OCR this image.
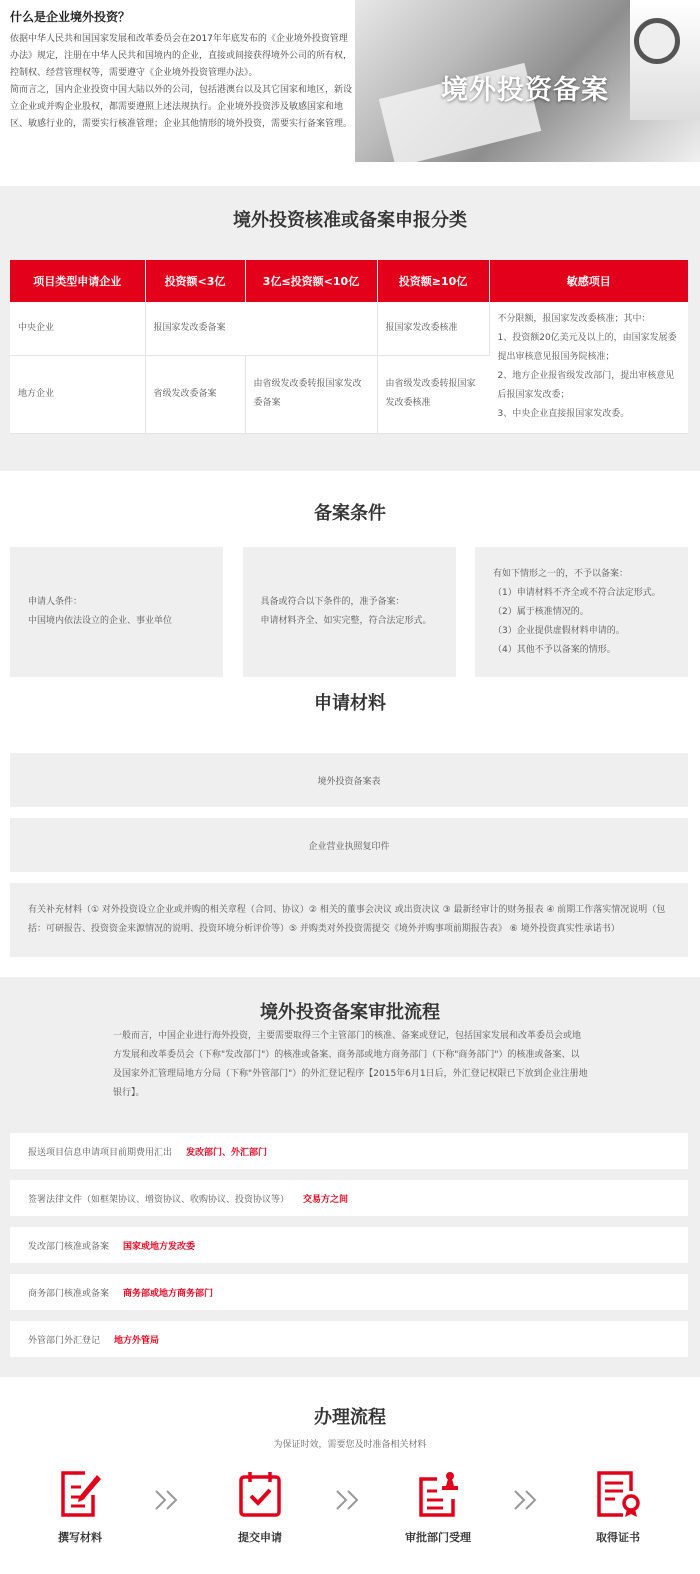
什么是企业境外投资？

依据中华人民共和国国家发展和改革委员会在2017年年底发布的《企业境外投资管理办法》规定，注册在中华人民共和国境内的企业，直接或间接获得境外公司的所有权，控制权、经营管理权等，需要遵守《企业境外投资管理办法》。

简而言之，国内企业投资中国大陆以外的公司，包括港澳台以及其它国家和地区，新设立企业或并购企业股权，都需要遵照上述法规执行。企业境外投资涉及敏感国家和地区、敏感行业的，需要实行核准管理；企业其他情形的境外投资，需要实行备案管理。

境外投资备案
境外投资核准或备案申报分类
项目类型申请企业	投资额<3亿	3亿≤投资额<10亿	投资额≥10亿	敏感项目
中央企业	报国家发改委备案		报国家发改委核准	不分限额，报国家发改委核准；其中：
1、投资额20亿美元及以上的，由国家发展委提出审核意见报国务院核准；
2、地方企业报省级发改部门，提出审核意见后报国家发改委；
3、中央企业直接报国家发改委。

地方企业	省级发改委备案	由省级发改委转报国家发改委备案	由省级发改委转报国家发改委核准	
备案条件
申请人条件：
中国境内依法设立的企业、事业单位
具备或符合以下条件的，准予备案：
申请材料齐全、如实完整，符合法定形式。
有如下情形之一的，不予以备案：
（1）申请材料不齐全或不符合法定形式。
（2）属于核准情况的。
（3）企业提供虚假材料申请的。
（4）其他不予以备案的情形。
申请材料
境外投资备案表
企业营业执照复印件
有关补充材料（① 对外投资设立企业或并购的相关章程（合同、协议）② 相关的董事会决议 或出资决议 ③ 最新经审计的财务报表 ④ 前期工作落实情况说明（包括：可研报告、投资资金来源情况的说明、投资环境分析评价等）⑤ 并购类对外投资需提交《境外并购事项前期报告表》 ⑥ 境外投资真实性承诺书）
境外投资备案审批流程

一般而言，中国企业进行海外投资，主要需要取得三个主管部门的核准、备案或登记，包括国家发展和改革委员会或地方发展和改革委员会（下称"发改部门"）的核准或备案、商务部或地方商务部门（下称"商务部门"）的核准或备案、以及国家外汇管理局地方分局（下称"外管部门"）的外汇登记程序【2015年6月1日后，外汇登记权限已下放到企业注册地银行】。

报送项目信息申请项目前期费用汇出 发改部门、外汇部门
签署法律文件（如框架协议、增资协议、收购协议、投资协议等） 交易方之间
发改部门核准或备案 国家或地方发改委
商务部门核准或备案 商务部或地方商务部门
外管部门外汇登记 地方外管局
办理流程
为保证时效，需要您及时准备相关材料
撰写材料	提交申请	审批部门受理	取得证书
